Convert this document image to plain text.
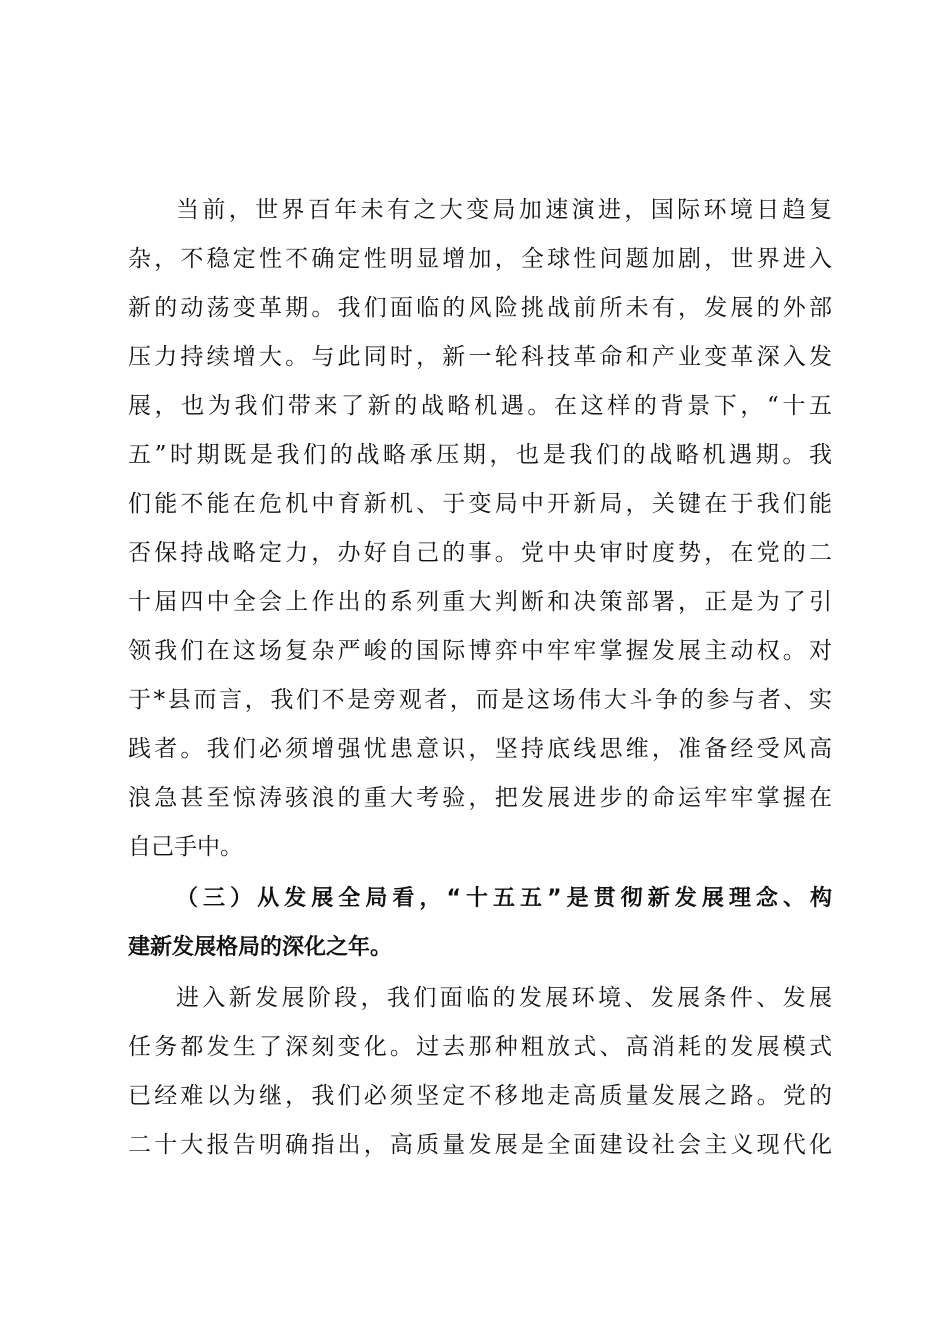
当前，世界百年未有之大变局加速演进，国际环境日趋复
杂，不稳定性不确定性明显增加，全球性问题加剧，世界进入
新的动荡变革期。我们面临的风险挑战前所未有，发展的外部
压力持续增大。与此同时，新一轮科技革命和产业变革深入发
展，也为我们带来了新的战略机遇。在这样的背景下，“十五
五”时期既是我们的战略承压期，也是我们的战略机遇期。我
们能不能在危机中育新机、于变局中开新局，关键在于我们能
否保持战略定力，办好自己的事。党中央审时度势，在党的二
十届四中全会上作出的系列重大判断和决策部署，正是为了引
领我们在这场复杂严峻的国际博弈中牢牢掌握发展主动权。对
于*县而言，我们不是旁观者，而是这场伟大斗争的参与者、实
践者。我们必须增强忧患意识，坚持底线思维，准备经受风高
浪急甚至惊涛骇浪的重大考验，把发展进步的命运牢牢掌握在
自己手中。
（三）从发展全局看，“十五五”是贯彻新发展理念、构
建新发展格局的深化之年。
进入新发展阶段，我们面临的发展环境、发展条件、发展
任务都发生了深刻变化。过去那种粗放式、高消耗的发展模式
已经难以为继，我们必须坚定不移地走高质量发展之路。党的
二十大报告明确指出，高质量发展是全面建设社会主义现代化
